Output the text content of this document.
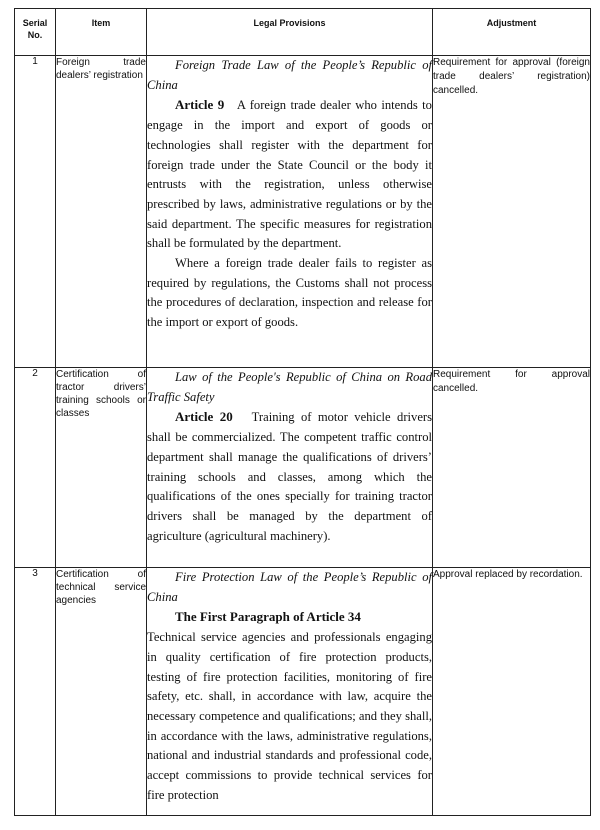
Serial No.	Item	Legal Provisions	Adjustment
1	Foreign trade dealers’ registration	Foreign Trade Law of the People’s Republic of China
Article 9 A foreign trade dealer who intends to engage in the import and export of goods or technologies shall register with the department for foreign trade under the State Council or the body it entrusts with the registration, unless otherwise prescribed by laws, administrative regulations or by the said department. The specific measures for registration shall be formulated by the department.
Where a foreign trade dealer fails to register as required by regulations, the Customs shall not process the procedures of declaration, inspection and release for the import or export of goods.	Requirement for approval (foreign trade dealers’ registration) cancelled.
2	Certification of tractor drivers’ training schools or classes	Law of the People's Republic of China on Road Traffic Safety
Article 20 Training of motor vehicle drivers shall be commercialized. The competent traffic control department shall manage the qualifications of drivers’ training schools and classes, among which the qualifications of the ones specially for training tractor drivers shall be managed by the department of agriculture (agricultural machinery).	Requirement for approval cancelled.
3	Certification of technical service agencies	Fire Protection Law of the People’s Republic of China
The First Paragraph of Article 34
Technical service agencies and professionals engaging in quality certification of fire protection products, testing of fire protection facilities, monitoring of fire safety, etc. shall, in accordance with law, acquire the necessary competence and qualifications; and they shall, in accordance with the laws, administrative regulations, national and industrial standards and professional code, accept commissions to provide technical services for fire protection	Approval replaced by recordation.
